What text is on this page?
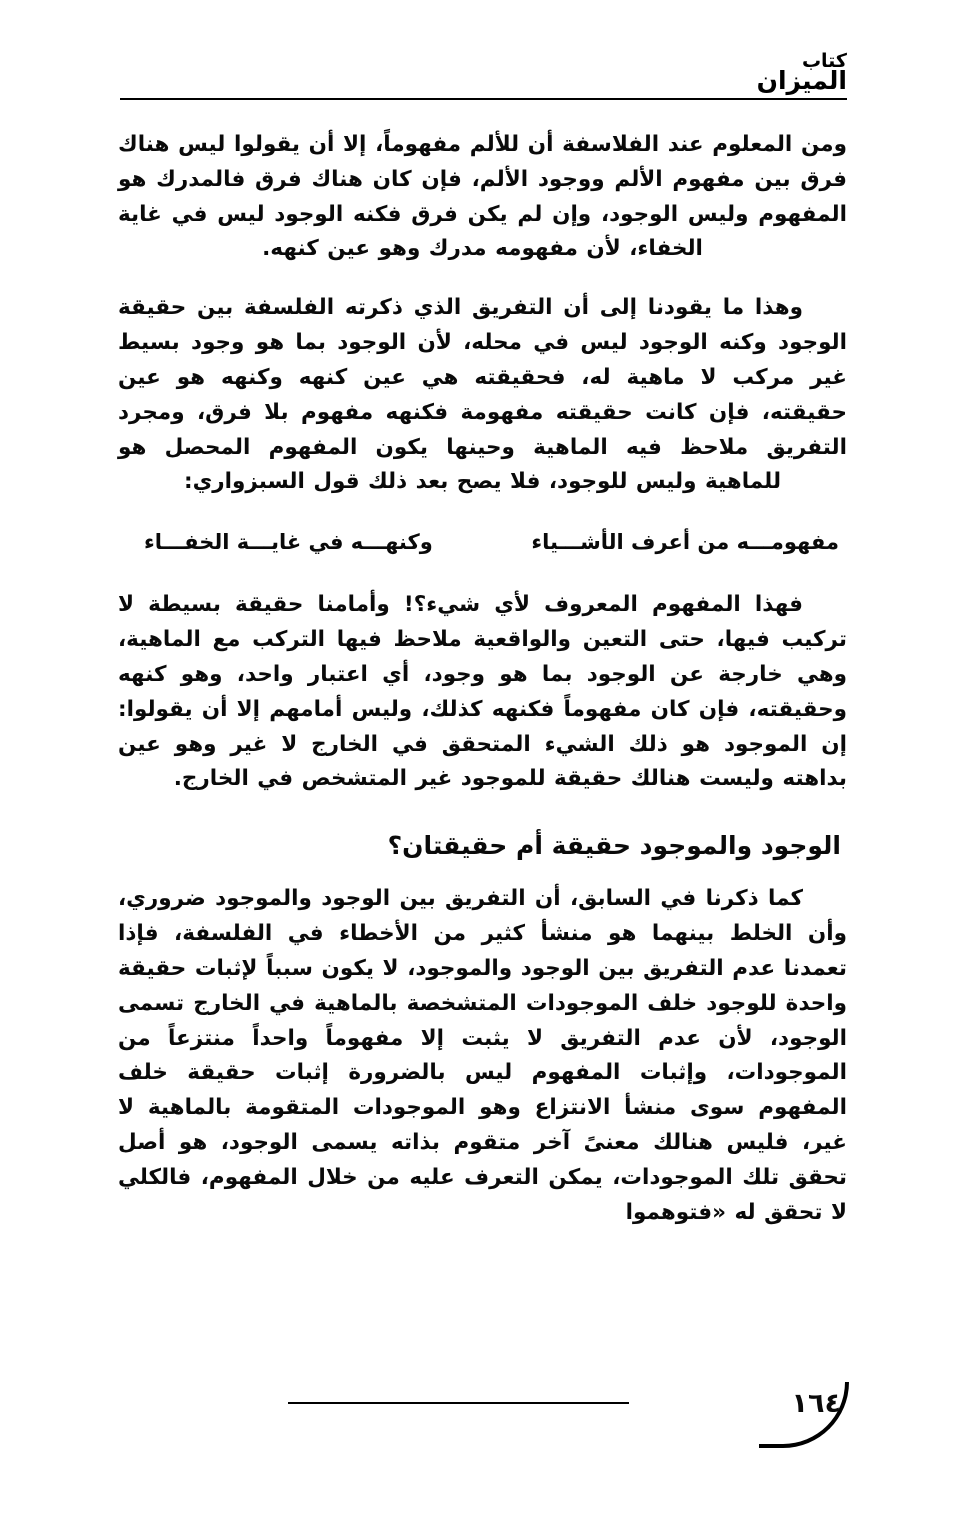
كتاب
الميزان

ومن المعلوم عند الفلاسفة أن للألم مفهوماً، إلا أن يقولوا ليس هناك فرق بين مفهوم الألم ووجود الألم، فإن كان هناك فرق فالمدرك هو المفهوم وليس الوجود، وإن لم يكن فرق فكنه الوجود ليس في غاية الخفاء، لأن مفهومه مدرك وهو عين كنهه.

وهذا ما يقودنا إلى أن التفريق الذي ذكرته الفلسفة بين حقيقة الوجود وكنه الوجود ليس في محله، لأن الوجود بما هو وجود بسيط غير مركب لا ماهية له، فحقيقته هي عين كنهه وكنهه هو عين حقيقته، فإن كانت حقيقته مفهومة فكنهه مفهوم بلا فرق، ومجرد التفريق ملاحظ فيه الماهية وحينها يكون المفهوم المحصل هو للماهية وليس للوجود، فلا يصح بعد ذلك قول السبزواري:

مفهومـــه من أعرف الأشـــياء
وكنهـــه في غايـــة الخفـــاء

فهذا المفهوم المعروف لأي شيء؟! وأمامنا حقيقة بسيطة لا تركيب فيها، حتى التعين والواقعية ملاحظ فيها التركب مع الماهية، وهي خارجة عن الوجود بما هو وجود، أي اعتبار واحد، وهو كنهه وحقيقته، فإن كان مفهوماً فكنهه كذلك، وليس أمامهم إلا أن يقولوا: إن الموجود هو ذلك الشيء المتحقق في الخارج لا غير وهو عين بداهته وليست هنالك حقيقة للموجود غير المتشخص في الخارج.

الوجود والموجود حقيقة أم حقيقتان؟

كما ذكرنا في السابق، أن التفريق بين الوجود والموجود ضروري، وأن الخلط بينهما هو منشأ كثير من الأخطاء في الفلسفة، فإذا تعمدنا عدم التفريق بين الوجود والموجود، لا يكون سبباً لإثبات حقيقة واحدة للوجود خلف الموجودات المتشخصة بالماهية في الخارج تسمى الوجود، لأن عدم التفريق لا يثبت إلا مفهوماً واحداً منتزعاً من الموجودات، وإثبات المفهوم ليس بالضرورة إثبات حقيقة خلف المفهوم سوى منشأ الانتزاع وهو الموجودات المتقومة بالماهية لا غير، فليس هنالك معنىً آخر متقوم بذاته يسمى الوجود، هو أصل تحقق تلك الموجودات، يمكن التعرف عليه من خلال المفهوم، فالكلي لا تحقق له «فتوهموا

١٦٤
